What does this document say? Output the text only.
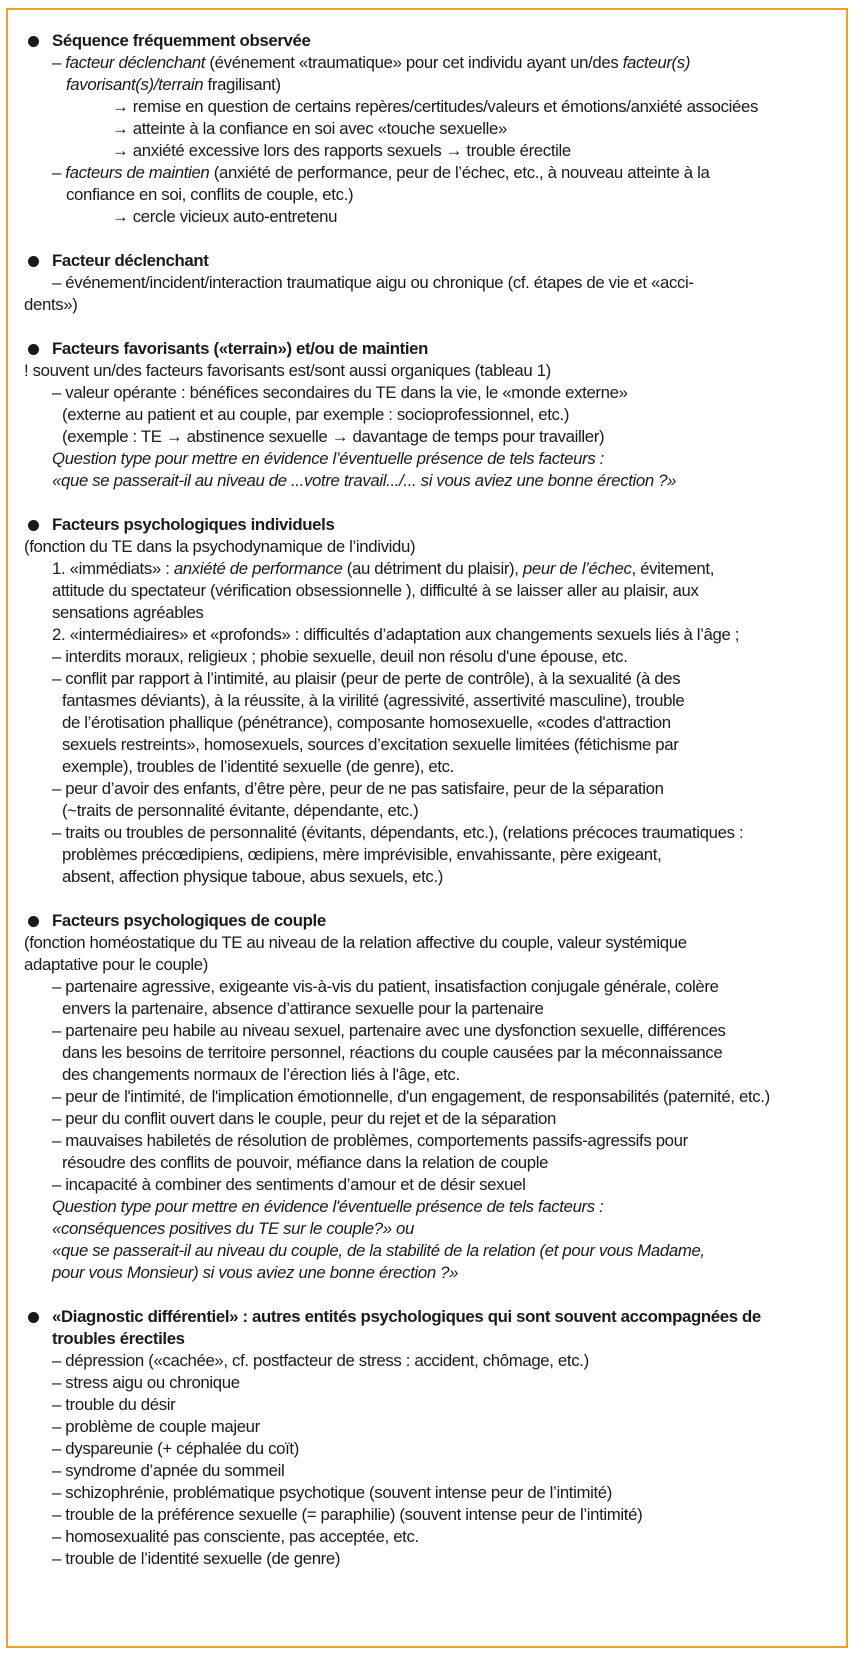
Séquence fréquemment observée
– facteur déclenchant (événement «traumatique» pour cet individu ayant un/des facteur(s)
favorisant(s)/terrain fragilisant)
→ remise en question de certains repères/certitudes/valeurs et émotions/anxiété associées
→ atteinte à la confiance en soi avec «touche sexuelle»
→ anxiété excessive lors des rapports sexuels → trouble érectile
– facteurs de maintien (anxiété de performance, peur de l’échec, etc., à nouveau atteinte à la
confiance en soi, conflits de couple, etc.)
→ cercle vicieux auto-entretenu
Facteur déclenchant
– événement/incident/interaction traumatique aigu ou chronique (cf. étapes de vie et «acci-
dents»)
Facteurs favorisants («terrain») et/ou de maintien
! souvent un/des facteurs favorisants est/sont aussi organiques (tableau 1)
– valeur opérante : bénéfices secondaires du TE dans la vie, le «monde externe»
(externe au patient et au couple, par exemple : socioprofessionnel, etc.)
(exemple : TE → abstinence sexuelle → davantage de temps pour travailler)
Question type pour mettre en évidence l’éventuelle présence de tels facteurs :
«que se passerait-il au niveau de ...votre travail.../... si vous aviez une bonne érection ?»
Facteurs psychologiques individuels
(fonction du TE dans la psychodynamique de l’individu)
1. «immédiats» : anxiété de performance (au détriment du plaisir), peur de l’échec, évitement,
attitude du spectateur (vérification obsessionnelle ), difficulté à se laisser aller au plaisir, aux
sensations agréables
2. «intermédiaires» et «profonds» : difficultés d’adaptation aux changements sexuels liés à l’âge ;
– interdits moraux, religieux ; phobie sexuelle, deuil non résolu d'une épouse, etc.
– conflit par rapport à l’intimité, au plaisir (peur de perte de contrôle), à la sexualité (à des
fantasmes déviants), à la réussite, à la virilité (agressivité, assertivité masculine), trouble
de l’érotisation phallique (pénétrance), composante homosexuelle, «codes d'attraction
sexuels restreints», homosexuels, sources d’excitation sexuelle limitées (fétichisme par
exemple), troubles de l’identité sexuelle (de genre), etc.
– peur d’avoir des enfants, d’être père, peur de ne pas satisfaire, peur de la séparation
(~traits de personnalité évitante, dépendante, etc.)
– traits ou troubles de personnalité (évitants, dépendants, etc.), (relations précoces traumatiques :
problèmes précœdipiens, œdipiens, mère imprévisible, envahissante, père exigeant,
absent, affection physique taboue, abus sexuels, etc.)
Facteurs psychologiques de couple
(fonction homéostatique du TE au niveau de la relation affective du couple, valeur systémique
adaptative pour le couple)
– partenaire agressive, exigeante vis-à-vis du patient, insatisfaction conjugale générale, colère
envers la partenaire, absence d’attirance sexuelle pour la partenaire
– partenaire peu habile au niveau sexuel, partenaire avec une dysfonction sexuelle, différences
dans les besoins de territoire personnel, réactions du couple causées par la méconnaissance
des changements normaux de l’érection liés à l'âge, etc.
– peur de l'intimité, de l'implication émotionnelle, d'un engagement, de responsabilités (paternité, etc.)
– peur du conflit ouvert dans le couple, peur du rejet et de la séparation
– mauvaises habiletés de résolution de problèmes, comportements passifs-agressifs pour
résoudre des conflits de pouvoir, méfiance dans la relation de couple
– incapacité à combiner des sentiments d’amour et de désir sexuel
Question type pour mettre en évidence l'éventuelle présence de tels facteurs :
«conséquences positives du TE sur le couple?» ou
«que se passerait-il au niveau du couple, de la stabilité de la relation (et pour vous Madame,
pour vous Monsieur) si vous aviez une bonne érection ?»
«Diagnostic différentiel» : autres entités psychologiques qui sont souvent accompagnées de
troubles érectiles
– dépression («cachée», cf. postfacteur de stress : accident, chômage, etc.)
– stress aigu ou chronique
– trouble du désir
– problème de couple majeur
– dyspareunie (+ céphalée du coït)
– syndrome d’apnée du sommeil
– schizophrénie, problématique psychotique (souvent intense peur de l’intimité)
– trouble de la préférence sexuelle (= paraphilie) (souvent intense peur de l’intimité)
– homosexualité pas consciente, pas acceptée, etc.
– trouble de l’identité sexuelle (de genre)
